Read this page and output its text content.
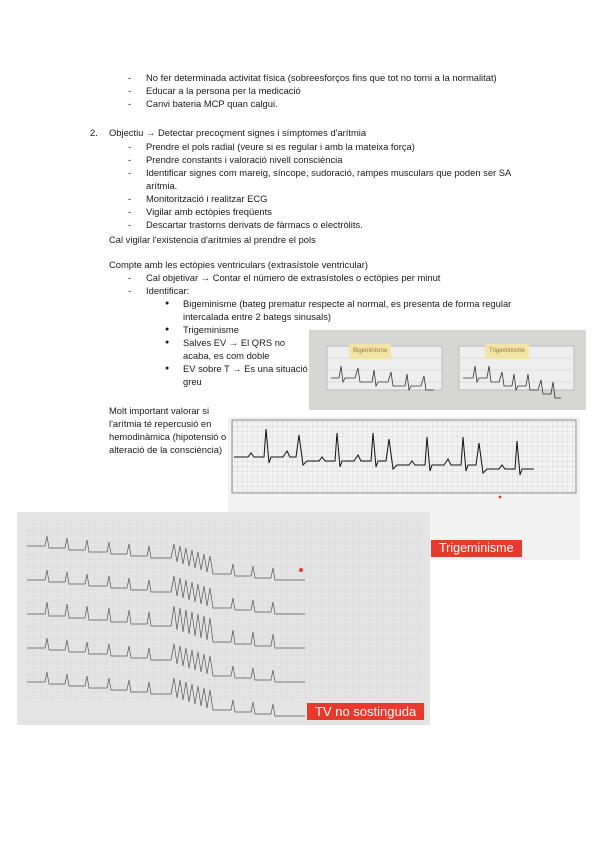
- No fer determinada activitat física (sobreesforços fins que tot no torni a la normalitat)
- Educar a la persona per la medicació
- Canvi bateria MCP quan calgui.
2. Objectiu → Detectar precoçment signes i símptomes d'arítmia
- Prendre el pols radial (veure si es regular i amb la mateixa força)
- Prendre constants i valoració nivell consciència
- Identificar signes com mareig, síncope, sudoració, rampes musculars que poden ser SA arítmia.
- Monitorització i realitzar ECG
- Vigilar amb ectòpies freqüents
- Descartar trastorns derivats de fàrmacs o electròlits.
Cal vigilar l'existencia d'arítmies al prendre el pols
Compte amb les ectòpies ventriculars (extrasístole ventricular)
- Cal objetivar → Contar el número de extrasístoles o ectòpies per minut
- Identificar:
● Bigeminisme (bateg prematur respecte al normal, es presenta de forma regular intercalada entre 2 bategs sinusals)
● Trigeminisme
● Salves EV → El QRS no acaba, es com doble
● EV sobre T → Es una situació greu
Molt important valorar si l'arítmia té repercusió en hemodinàmica (hipotensió o alteració de la consciència)
Bigeminisme	Trigeminisme
Trigeminisme
TV no sostinguda
